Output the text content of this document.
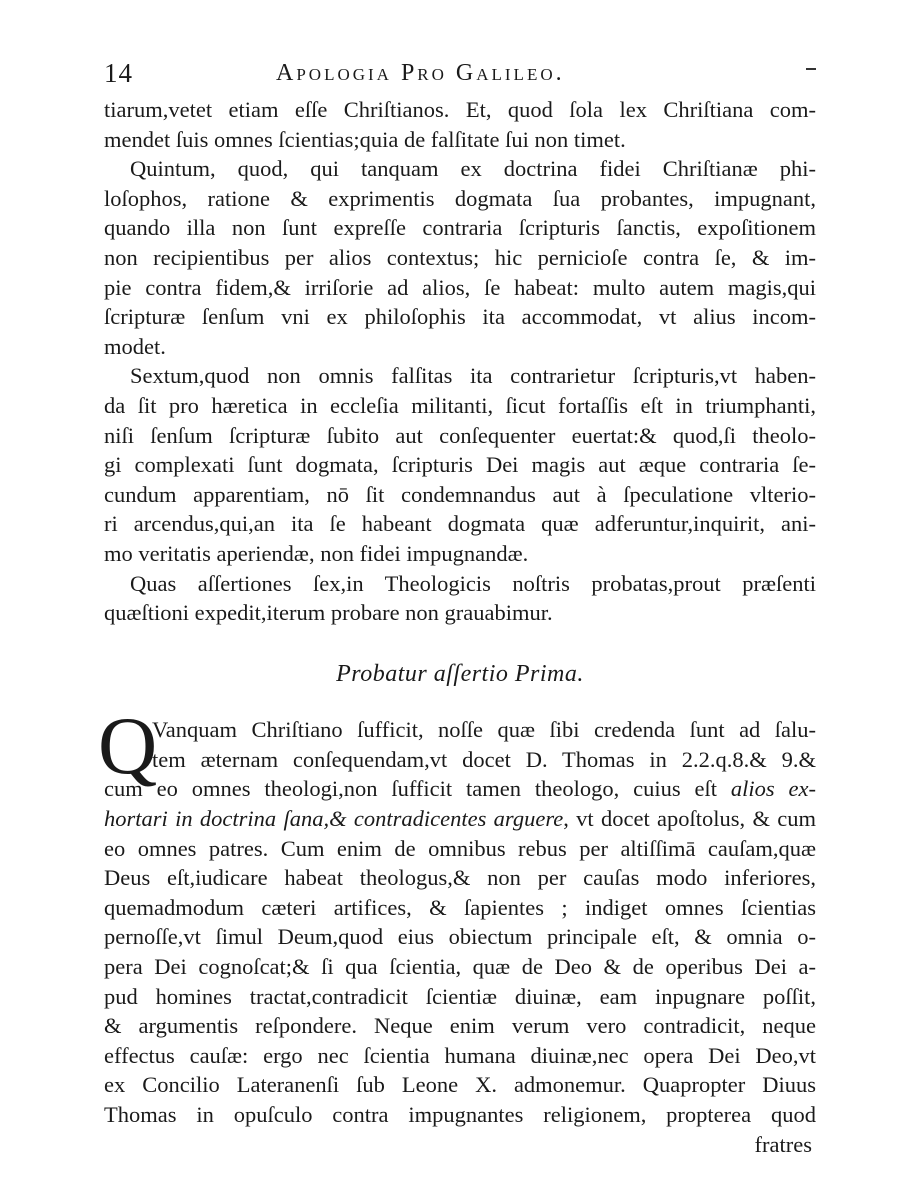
14	Apologia Pro Galileo.
tiarum,vetet etiam eſſe Chriſtianos. Et, quod ſola lex Chriſtiana com-
mendet ſuis omnes ſcientias;quia de falſitate ſui non timet.
Quintum, quod, qui tanquam ex doctrina fidei Chriſtianæ phi-
loſophos, ratione & exprimentis dogmata ſua probantes, impugnant,
quando illa non ſunt expreſſe contraria ſcripturis ſanctis, expoſitionem
non recipientibus per alios contextus; hic pernicioſe contra ſe, & im-
pie contra fidem,& irriſorie ad alios, ſe habeat: multo autem magis,qui
ſcripturæ ſenſum vni ex philoſophis ita accommodat, vt alius incom-
modet.
Sextum,quod non omnis falſitas ita contrarietur ſcripturis,vt haben-
da ſit pro hæretica in eccleſia militanti, ſicut fortaſſis eſt in triumphanti,
niſi ſenſum ſcripturæ ſubito aut conſequenter euertat:& quod,ſi theolo-
gi complexati ſunt dogmata, ſcripturis Dei magis aut æque contraria ſe-
cundum apparentiam, nō ſit condemnandus aut à ſpeculatione vlterio-
ri arcendus,qui,an ita ſe habeant dogmata quæ adferuntur,inquirit, ani-
mo veritatis aperiendæ, non fidei impugnandæ.
Quas aſſertiones ſex,in Theologicis noſtris probatas,prout præſenti
quæſtioni expedit,iterum probare non grauabimur.
Probatur aſſertio Prima.
Q
Vanquam Chriſtiano ſufficit, noſſe quæ ſibi credenda ſunt ad ſalu-
tem æternam conſequendam,vt docet D. Thomas in 2.2.q.8.& 9.&
cum eo omnes theologi,non ſufficit tamen theologo, cuius eſt alios ex-
hortari in doctrina ſana,& contradicentes arguere, vt docet apoſtolus, & cum
eo omnes patres. Cum enim de omnibus rebus per altiſſimā cauſam,quæ
Deus eſt,iudicare habeat theologus,& non per cauſas modo inferiores,
quemadmodum cæteri artifices, & ſapientes ; indiget omnes ſcientias
pernoſſe,vt ſimul Deum,quod eius obiectum principale eſt, & omnia o-
pera Dei cognoſcat;& ſi qua ſcientia, quæ de Deo & de operibus Dei a-
pud homines tractat,contradicit ſcientiæ diuinæ, eam inpugnare poſſit,
& argumentis reſpondere. Neque enim verum vero contradicit, neque
effectus cauſæ: ergo nec ſcientia humana diuinæ,nec opera Dei Deo,vt
ex Concilio Lateranenſi ſub Leone X. admonemur. Quapropter Diuus
Thomas in opuſculo contra impugnantes religionem, propterea quod
fratres
